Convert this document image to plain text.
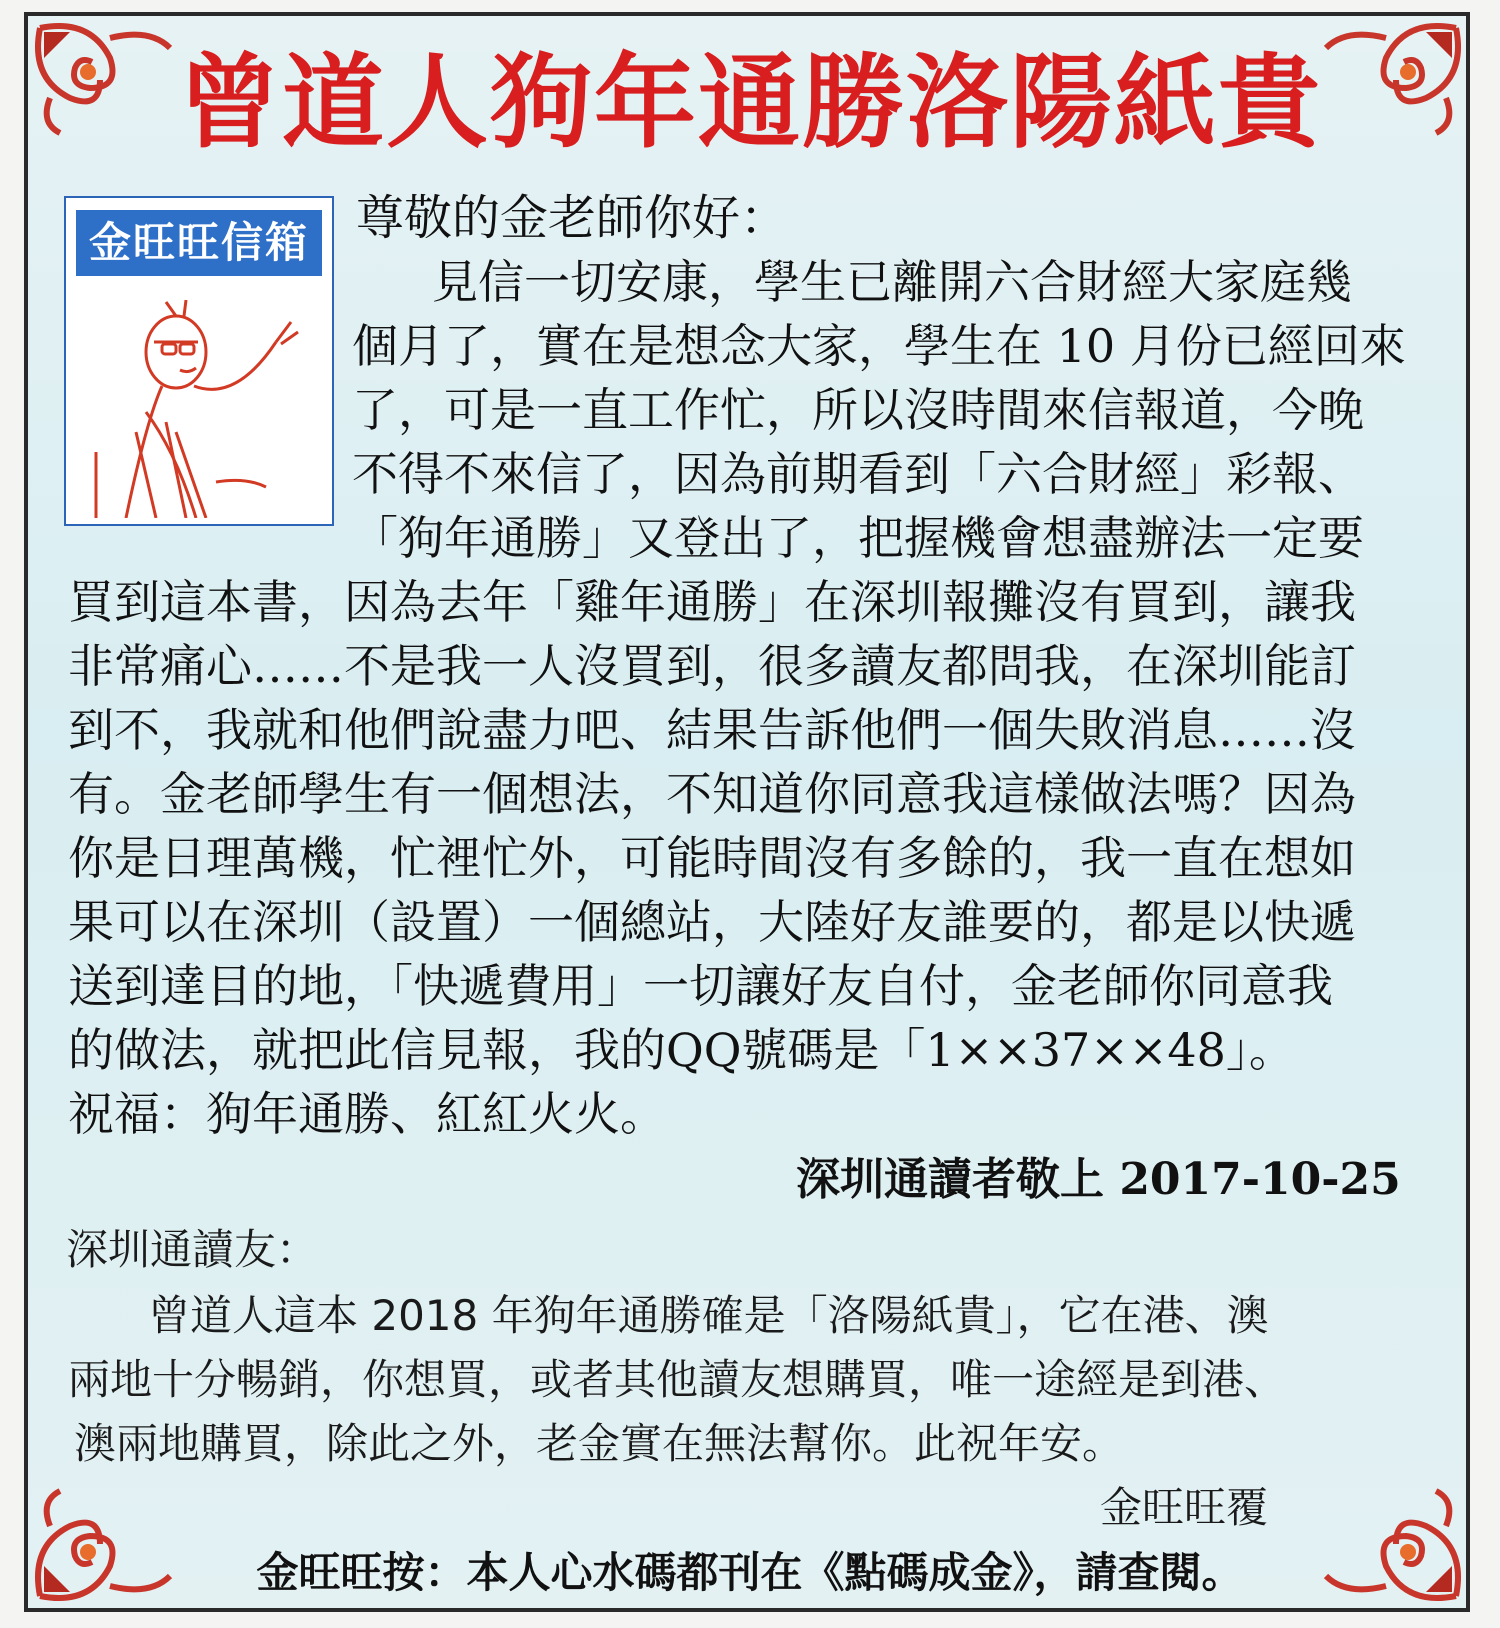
曾道人狗年通勝洛陽紙貴
金旺旺信箱 尊敬的金老師你好：
見信一切安康，學生已離開六合財經大家庭幾
個月了，實在是想念大家，學生在 10 月份已經回來
了，可是一直工作忙，所以沒時間來信報道，今晚
不得不來信了，因為前期看到「六合財經」彩報、
「狗年通勝」又登出了，把握機會想盡辦法一定要
買到這本書，因為去年「雞年通勝」在深圳報攤沒有買到，讓我
非常痛心……不是我一人沒買到，很多讀友都問我，在深圳能訂
到不，我就和他們說盡力吧、結果告訴他們一個失敗消息……沒
有。金老師學生有一個想法，不知道你同意我這樣做法嗎？因為
你是日理萬機，忙裡忙外，可能時間沒有多餘的，我一直在想如
果可以在深圳（設置）一個總站，大陸好友誰要的，都是以快遞
送到達目的地，「快遞費用」一切讓好友自付，金老師你同意我
的做法，就把此信見報，我的QQ號碼是「1××37××48」。
祝福：狗年通勝、紅紅火火。
深圳通讀者敬上 2017-10-25
深圳通讀友：
曾道人這本 2018 年狗年通勝確是「洛陽紙貴」，它在港、澳
兩地十分暢銷，你想買，或者其他讀友想購買，唯一途經是到港、
澳兩地購買，除此之外，老金實在無法幫你。此祝年安。
金旺旺覆
金旺旺按：本人心水碼都刊在《點碼成金》，請查閱。
